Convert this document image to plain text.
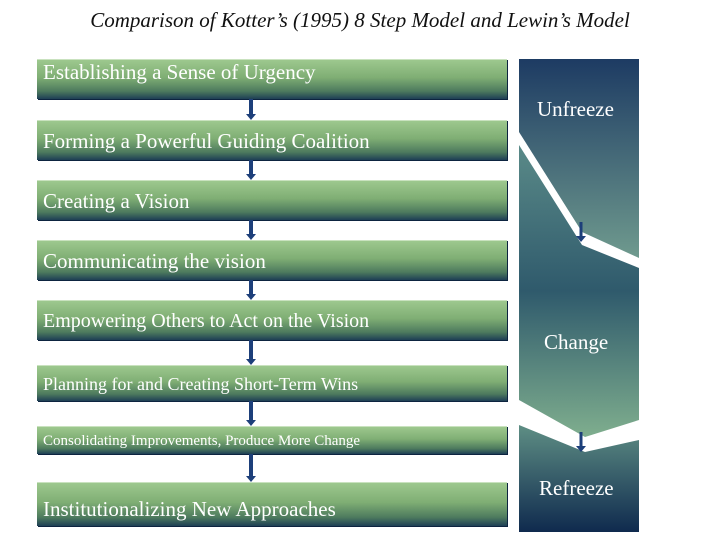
Comparison of Kotter’s (1995) 8 Step Model and Lewin’s Model
Establishing a Sense of Urgency
Forming a Powerful Guiding Coalition
Creating a Vision
Communicating the vision
Empowering Others to Act on the Vision
Planning for and Creating Short-Term Wins
Consolidating Improvements, Produce More Change
Institutionalizing New Approaches
Unfreeze
Change
Refreeze
